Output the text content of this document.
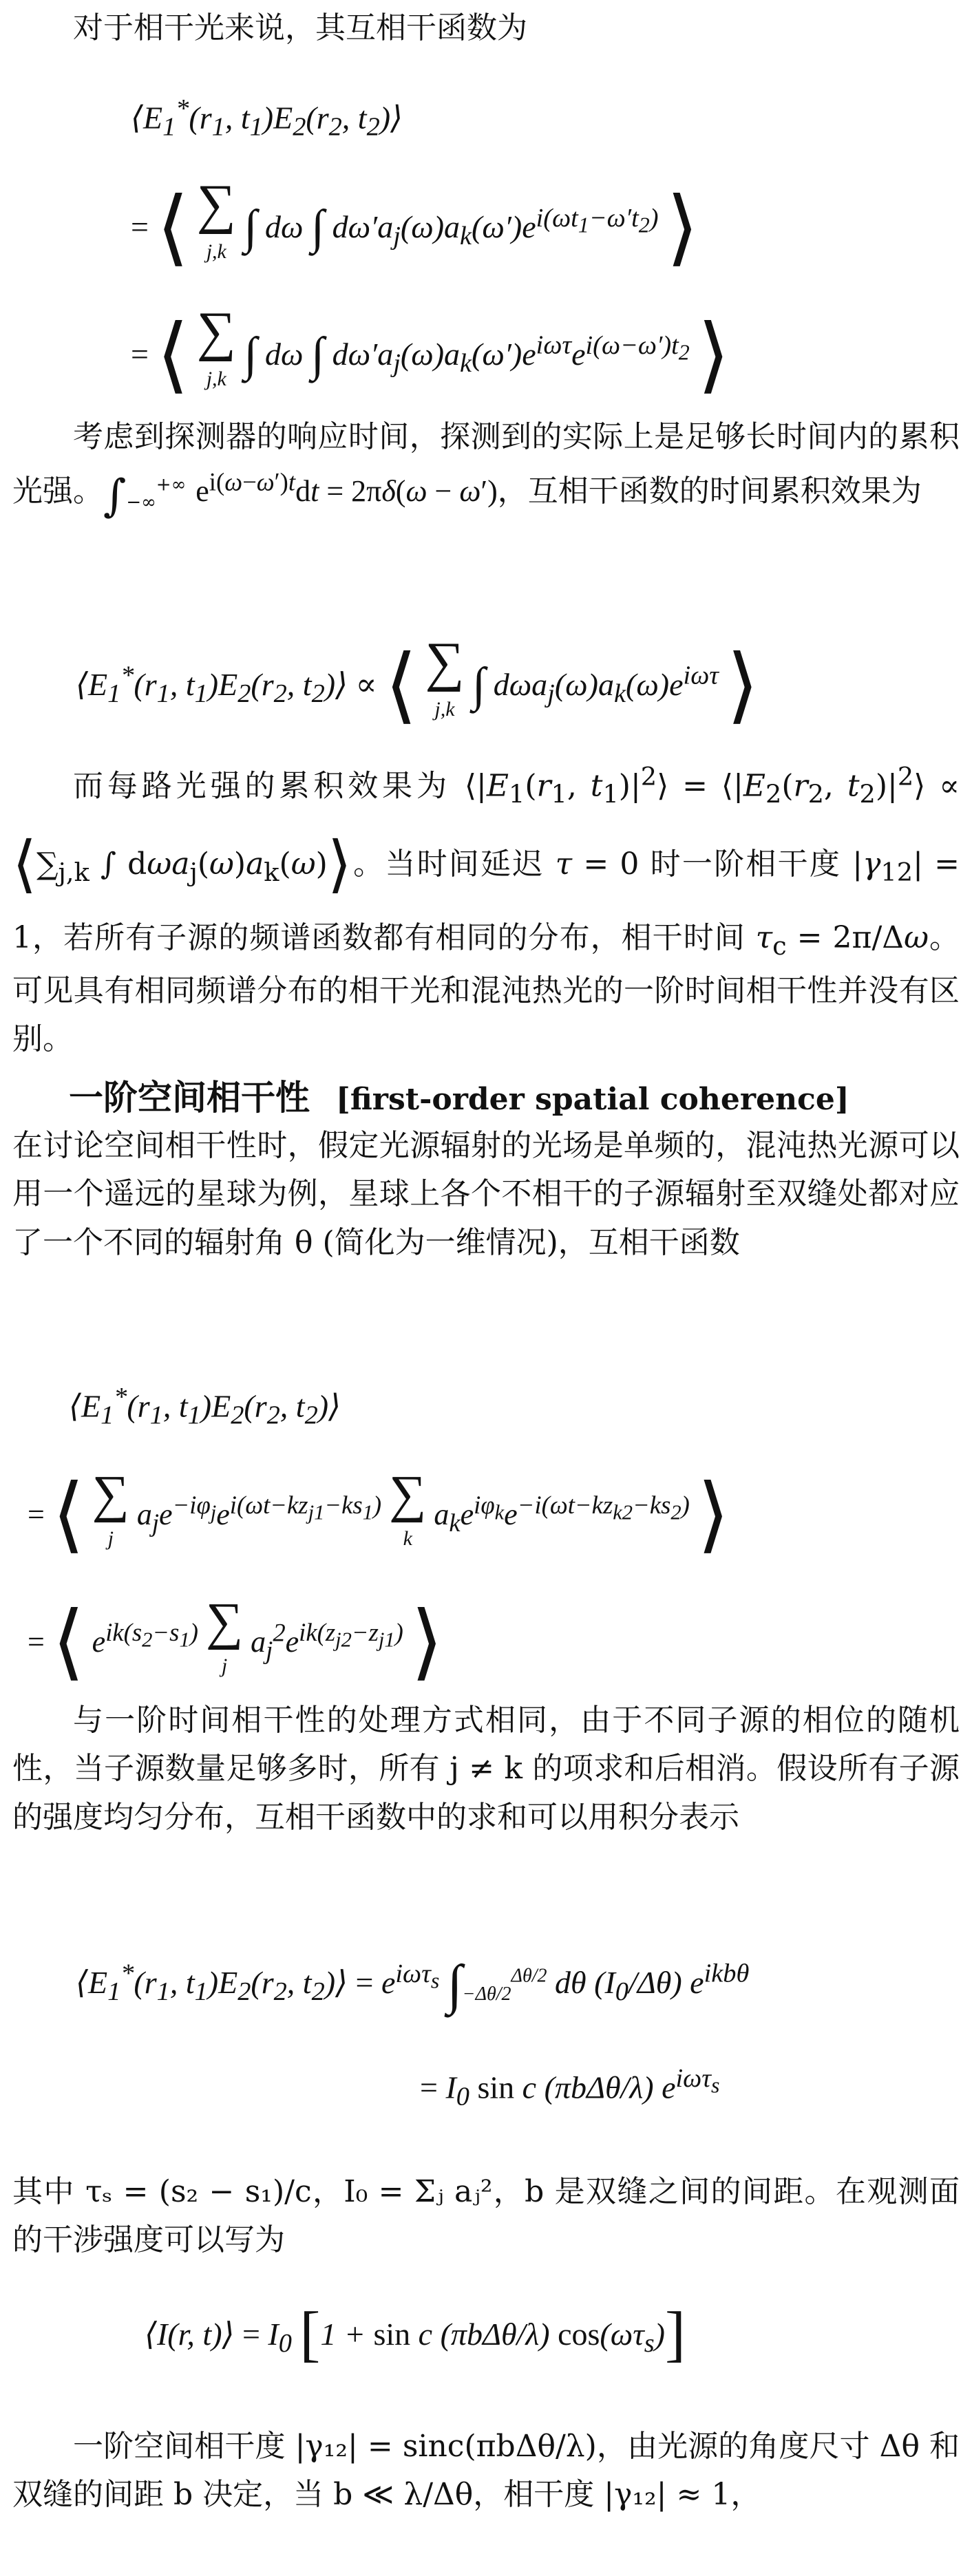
对于相干光来说，其互相干函数为

$⟨E_1^*(r_1$, $t_1)E_2(r_2$, $t_2)⟩$
= ⟨ ∑
j,k ∫ dω ∫ $d\omega'a_j(\omega)a_k(\omega')e^{i(\omega t_1-\omega't_2)}$ ⟩
= ⟨ ∑
j,k ∫ dω ∫ $d\omega'a_j(\omega)a_k(\omega')e^{i\omega\tau}e^{i(\omega-\omega')t_2}$ ⟩

考虑到探测器的响应时间，探测到的实际上是足够长时间内的累积光强。$\int_{-\infty}^{+\infty}$ $e^{i(\omega-\omega')t}dt = 2\pi\delta(\omega - \omega')$，互相干函数的时间累积效果为

$⟨E_1^*(r_1$, $t_1)E_2(r_2$, $t_2)⟩$ ∝ ⟨ ∑
j,k ∫ $d\omega a_j(\omega)a_k(\omega)e^{i\omega\tau}$ ⟩

而每路光强的累积效果为 $⟨|E_1(r_1$, $t_1)|^2⟩$ = $⟨|E_2(r_2$, $t_2)|^2⟩$ ∝ $⟨\sum_{j,k}$ ∫ $d\omega a_j(\omega)a_k(\omega)⟩$。当时间延迟 τ = 0 时一阶相干度 $|\gamma_{12}| = 1$，若所有子源的频谱函数都有相同的分布，相干时间 $\tau_c = 2\pi/\Delta\omega$。可见具有相同频谱分布的相干光和混沌热光的一阶时间相干性并没有区别。

一阶空间相干性 [first-order spatial coherence]

在讨论空间相干性时，假定光源辐射的光场是单频的，混沌热光源可以用一个遥远的星球为例，星球上各个不相干的子源辐射至双缝处都对应了一个不同的辐射角 θ (简化为一维情况)，互相干函数

$⟨E_1^*(r_1$, $t_1)E_2(r_2$, $t_2)⟩$
= ⟨ ∑
j $a_je^{-i\varphi_j}e^{i(\omega t-kz_{j1}-ks_1)}$ ∑
k $a_ke^{i\varphi_k}e^{-i(\omega t-kz_{k2}-ks_2)}$ ⟩
= ⟨ $e^{ik(s_2-s_1)}$ ∑
j $a_j^2e^{ik(z_{j2}-z_{j1})}$ ⟩

与一阶时间相干性的处理方式相同，由于不同子源的相位的随机性，当子源数量足够多时，所有 j ≠ k 的项求和后相消。假设所有子源的强度均匀分布，互相干函数中的求和可以用积分表示

$⟨E_1^*(r_1$, $t_1)E_2(r_2$, $t_2)⟩ = e^{i\omega\tau_s}$ $\int_{-\Delta\theta/2}^{\Delta\theta/2}$ dθ $(I_0/\Delta\theta)$ $e^{ikb\theta}$
= $I_0$ sin c (πbΔθ/λ) $e^{i\omega\tau_s}$

其中 τₛ = (s₂ − s₁)/c，I₀ = Σⱼ aⱼ²，b 是双缝之间的间距。在观测面的干涉强度可以写为

⟨I(r, t)⟩ = $I_0$ [1 + sin c (πbΔθ/λ) $\cos(\omega\tau_s)$]

一阶空间相干度 |γ₁₂| = sinc(πbΔθ/λ)，由光源的角度尺寸 Δθ 和双缝的间距 b 决定，当 b ≪ λ/Δθ，相干度 |γ₁₂| ≈ 1，
